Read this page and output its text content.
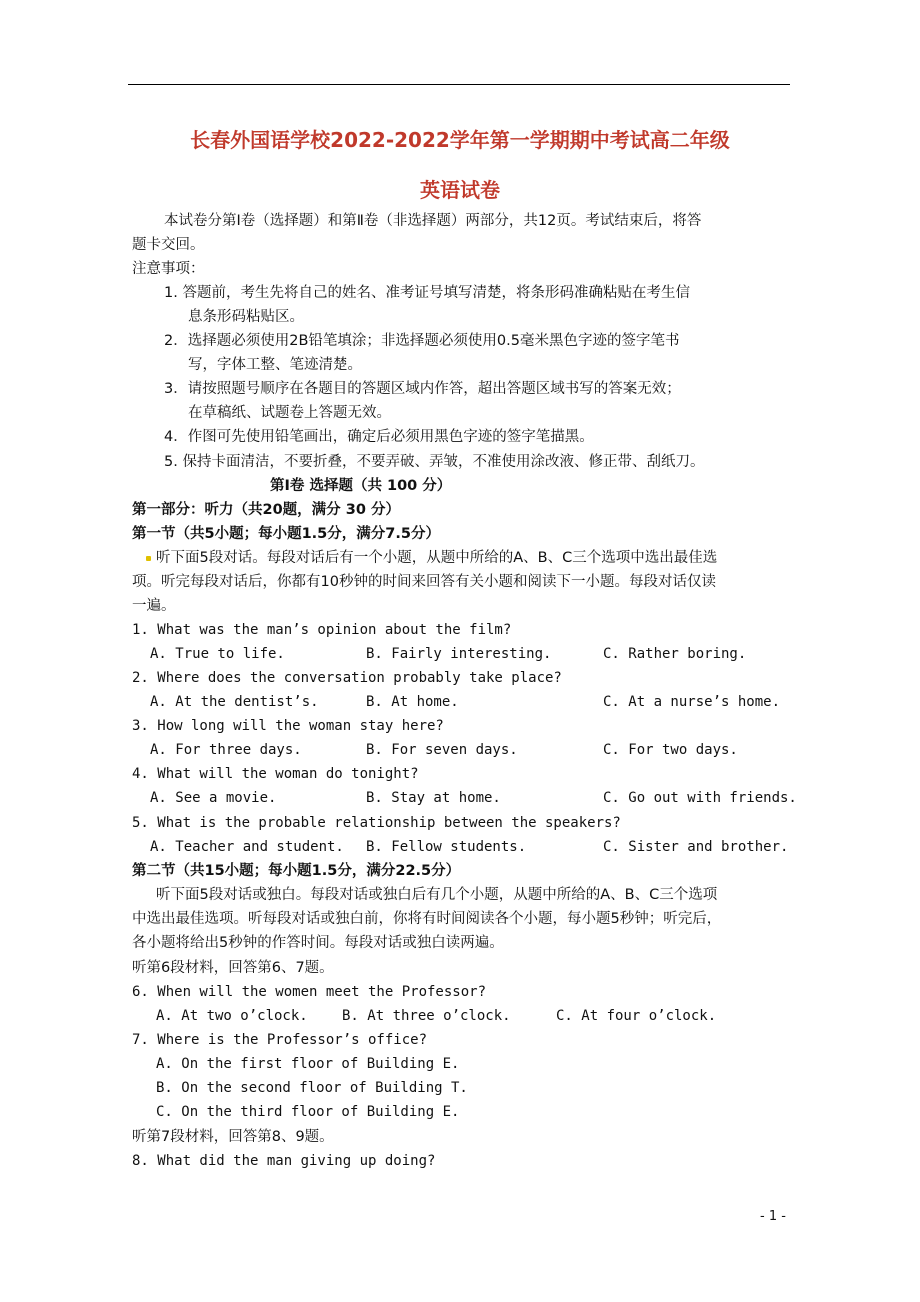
长春外国语学校2022-2022学年第一学期期中考试高二年级
英语试卷
本试卷分第Ⅰ卷（选择题）和第Ⅱ卷（非选择题）两部分，共12页。考试结束后，将答
题卡交回。
注意事项：
1. 答题前，考生先将自己的姓名、准考证号填写清楚，将条形码准确粘贴在考生信
息条形码粘贴区。
2．选择题必须使用2B铅笔填涂；非选择题必须使用0.5毫米黑色字迹的签字笔书
写，字体工整、笔迹清楚。
3．请按照题号顺序在各题目的答题区域内作答，超出答题区域书写的答案无效；
在草稿纸、试题卷上答题无效。
4．作图可先使用铅笔画出，确定后必须用黑色字迹的签字笔描黑。
5. 保持卡面清洁，不要折叠，不要弄破、弄皱，不准使用涂改液、修正带、刮纸刀。
第Ⅰ卷 选择题（共 100 分）
第一部分：听力（共20题，满分 30 分）
第一节（共5小题；每小题1.5分，满分7.5分）
听下面5段对话。每段对话后有一个小题，从题中所给的A、B、C三个选项中选出最佳选
项。听完每段对话后，你都有10秒钟的时间来回答有关小题和阅读下一小题。每段对话仅读
一遍。
1. What was the man’s opinion about the film?
A. True to life.	B. Fairly interesting.	C. Rather boring.
2. Where does the conversation probably take place?
A. At the dentist’s.	B. At home.	C. At a nurse’s home.
3. How long will the woman stay here?
A. For three days.	B. For seven days.	C. For two days.
4. What will the woman do tonight?
A. See a movie.	B. Stay at home.	C. Go out with friends.
5. What is the probable relationship between the speakers?
A. Teacher and student. B. Fellow students.	C. Sister and brother.
第二节（共15小题；每小题1.5分，满分22.5分）
听下面5段对话或独白。每段对话或独白后有几个小题，从题中所给的A、B、C三个选项
中选出最佳选项。听每段对话或独白前，你将有时间阅读各个小题，每小题5秒钟；听完后，
各小题将给出5秒钟的作答时间。每段对话或独白读两遍。
听第6段材料，回答第6、7题。
6. When will the women meet the Professor?
A. At two o’clock. B. At three o’clock.	C. At four o’clock.
7. Where is the Professor’s office?
A. On the first floor of Building E.
B. On the second floor of Building T.
C. On the third floor of Building E.
听第7段材料，回答第8、9题。
8. What did the man giving up doing?
- 1 -
